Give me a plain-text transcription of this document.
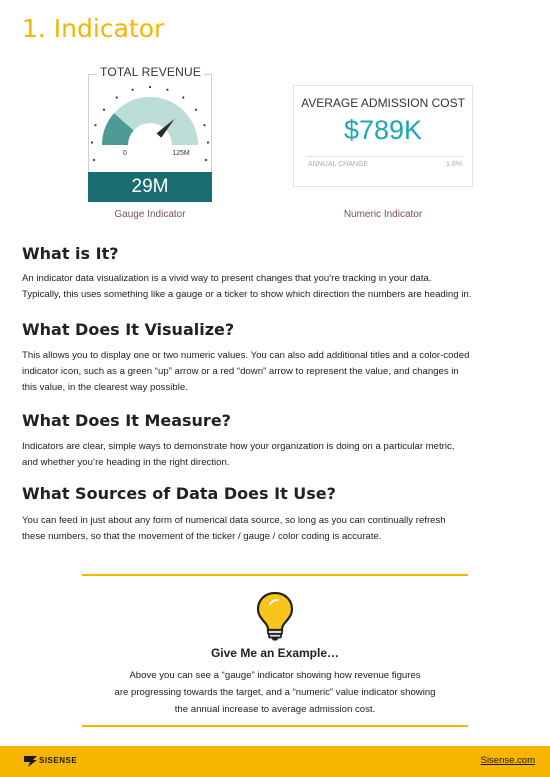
1. Indicator
TOTAL REVENUE
0	125M
29M
Gauge Indicator
AVERAGE ADMISSION COST
$789K
ANNUAL CHANGE	1.6%
Numeric Indicator
What is It?
An indicator data visualization is a vivid way to present changes that you’re tracking in your data.
Typically, this uses something like a gauge or a ticker to show which direction the numbers are heading in.
What Does It Visualize?
This allows you to display one or two numeric values. You can also add additional titles and a color-coded
indicator icon, such as a green “up” arrow or a red “down” arrow to represent the value, and changes in
this value, in the clearest way possible.
What Does It Measure?
Indicators are clear, simple ways to demonstrate how your organization is doing on a particular metric,
and whether you’re heading in the right direction.
What Sources of Data Does It Use?
You can feed in just about any form of numerical data source, so long as you can continually refresh
these numbers, so that the movement of the ticker / gauge / color coding is accurate.
Give Me an Example…
Above you can see a “gauge” indicator showing how revenue figures
are progressing towards the target, and a “numeric” value indicator showing
the annual increase to average admission cost.
SISENSE	Sisense.com
